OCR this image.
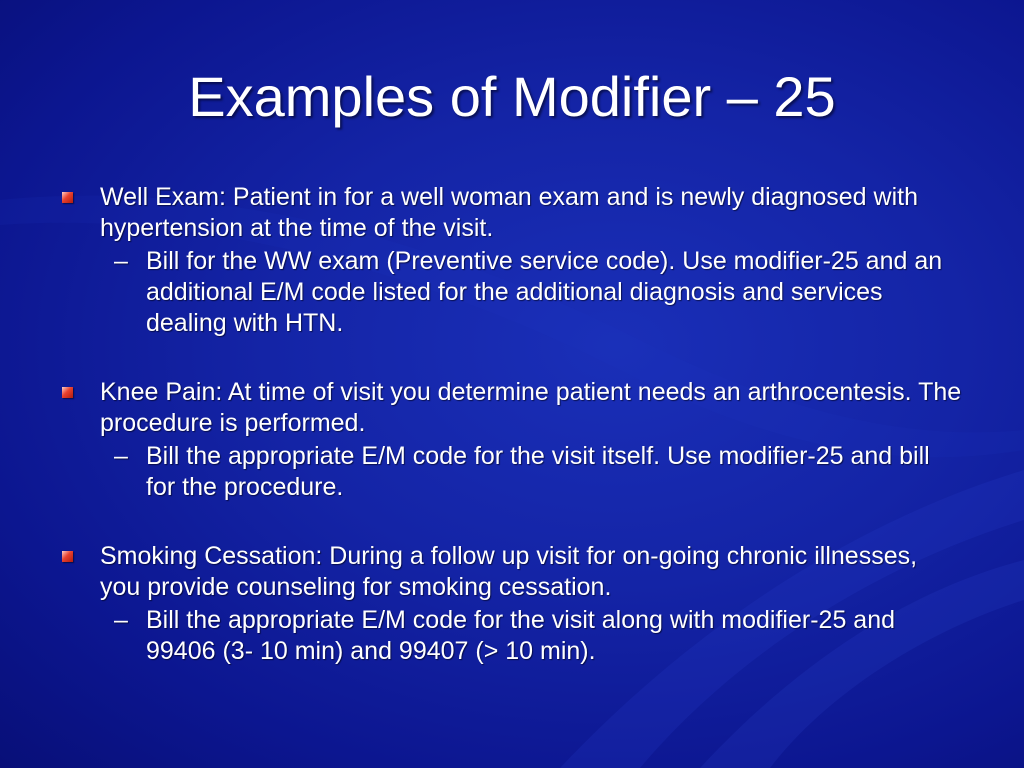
Examples of Modifier – 25
Well Exam: Patient in for a well woman exam and is newly diagnosed with hypertension at the time of the visit.
– Bill for the WW exam (Preventive service code). Use modifier-25 and an additional E/M code listed for the additional diagnosis and services dealing with HTN.
Knee Pain: At time of visit you determine patient needs an arthrocentesis. The procedure is performed.
– Bill the appropriate E/M code for the visit itself. Use modifier-25 and bill for the procedure.
Smoking Cessation: During a follow up visit for on-going chronic illnesses, you provide counseling for smoking cessation.
– Bill the appropriate E/M code for the visit along with modifier-25 and 99406 (3- 10 min) and 99407 (> 10 min).
